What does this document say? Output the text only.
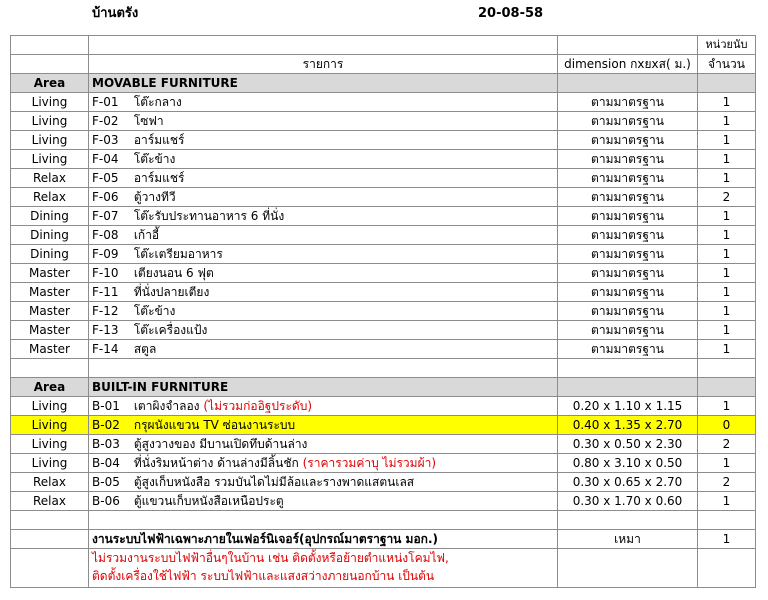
บ้านตรัง	20-08-58
			หน่วยนับ
	รายการ	dimension กxยxส( ม.)	จำนวน
Area	MOVABLE FURNITURE		
Living	F-01 โต๊ะกลาง	ตามมาตรฐาน	1
Living	F-02 โซฟา	ตามมาตรฐาน	1
Living	F-03 อาร์มแชร์	ตามมาตรฐาน	1
Living	F-04 โต๊ะข้าง	ตามมาตรฐาน	1
Relax	F-05 อาร์มแชร์	ตามมาตรฐาน	1
Relax	F-06 ตู้วางทีวี	ตามมาตรฐาน	2
Dining	F-07 โต๊ะรับประทานอาหาร 6 ที่นั่ง	ตามมาตรฐาน	1
Dining	F-08 เก้าอี้	ตามมาตรฐาน	1
Dining	F-09 โต๊ะเตรียมอาหาร	ตามมาตรฐาน	1
Master	F-10 เตียงนอน 6 ฟุต	ตามมาตรฐาน	1
Master	F-11 ที่นั่งปลายเตียง	ตามมาตรฐาน	1
Master	F-12 โต๊ะข้าง	ตามมาตรฐาน	1
Master	F-13 โต๊ะเครื่องแป้ง	ตามมาตรฐาน	1
Master	F-14 สตูล	ตามมาตรฐาน	1

Area	BUILT-IN FURNITURE		
Living	B-01 เตาผิงจำลอง (ไม่รวมก่ออิฐประดับ)	0.20 x 1.10 x 1.15	1
Living	B-02 กรุผนังแขวน TV ซ่อนงานระบบ	0.40 x 1.35 x 2.70	0
Living	B-03 ตู้สูงวางของ มีบานเปิดทึบด้านล่าง	0.30 x 0.50 x 2.30	2
Living	B-04 ที่นั่งริมหน้าต่าง ด้านล่างมีลิ้นชัก (ราคารวมค่าบุ ไม่รวมผ้า)	0.80 x 3.10 x 0.50	1
Relax	B-05 ตู้สูงเก็บหนังสือ รวมบันไดไม่มีล้อและรางพาดแสตนเลส	0.30 x 0.65 x 2.70	2
Relax	B-06 ตู้แขวนเก็บหนังสือเหนือประตู	0.30 x 1.70 x 0.60	1

	งานระบบไฟฟ้าเฉพาะภายในเฟอร์นิเจอร์(อุปกรณ์มาตราฐาน มอก.)	เหมา	1

	ไม่รวมงานระบบไฟฟ้าอื่นๆในบ้าน เช่น ติดตั้งหรือย้ายตำแหน่งโคมไฟ,
ติดตั้งเครื่องใช้ไฟฟ้า ระบบไฟฟ้าและแสงสว่างภายนอกบ้าน เป็นต้น		
